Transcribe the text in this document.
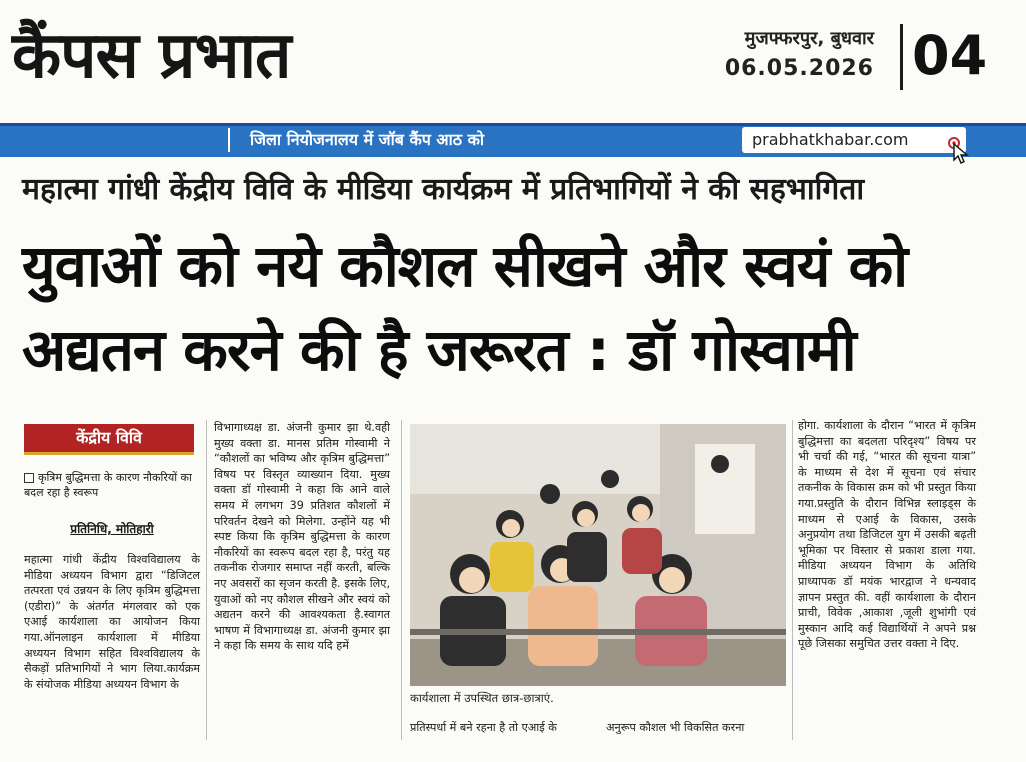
कैंपस प्रभात	मुजफ्फरपुर, बुधवार
06.05.2026 04
जिला नियोजनालय में जॉब कैंप आठ को	prabhatkhabar.com
महात्मा गांधी केंद्रीय विवि के मीडिया कार्यक्रम में प्रतिभागियों ने की सहभागिता
युवाओं को नये कौशल सीखने और स्वयं को अद्यतन करने की है जरूरत : डॉ गोस्वामी
केंद्रीय विवि
कृत्रिम बुद्धिमत्ता के कारण नौकरियों का बदल रहा है स्वरूप
प्रतिनिधि, मोतिहारी
महात्मा गांधी केंद्रीय विश्वविद्यालय के मीडिया अध्ययन विभाग द्वारा “डिजिटल तत्परता एवं उन्नयन के लिए कृत्रिम बुद्धिमत्ता (एडीरा)” के अंतर्गत मंगलवार को एक एआई कार्यशाला का आयोजन किया गया.ऑनलाइन कार्यशाला में मीडिया अध्ययन विभाग सहित विश्वविद्यालय के सैकड़ों प्रतिभागियों ने भाग लिया.कार्यक्रम के संयोजक मीडिया अध्ययन विभाग के
विभागाध्यक्ष डा. अंजनी कुमार झा थे.वही मुख्य वक्ता डा. मानस प्रतिम गोस्वामी ने “कौशलों का भविष्य और कृत्रिम बुद्धिमत्ता” विषय पर विस्तृत व्याख्यान दिया. मुख्य वक्ता डॉ गोस्वामी ने कहा कि आने वाले समय में लगभग 39 प्रतिशत कौशलों में परिवर्तन देखने को मिलेगा. उन्होंने यह भी स्पष्ट किया कि कृत्रिम बुद्धिमत्ता के कारण नौकरियों का स्वरूप बदल रहा है, परंतु यह तकनीक रोजगार समाप्त नहीं करती, बल्कि नए अवसरों का सृजन करती है. इसके लिए, युवाओं को नए कौशल सीखने और स्वयं को अद्यतन करने की आवश्यकता है.स्वागत भाषण में विभागाध्यक्ष डा. अंजनी कुमार झा ने कहा कि समय के साथ यदि हमें
कार्यशाला में उपस्थित छात्र-छात्राएं.
प्रतिस्पर्धा में बने रहना है तो एआई के	अनुरूप कौशल भी विकसित करना
होगा. कार्यशाला के दौरान “भारत में कृत्रिम बुद्धिमत्ता का बदलता परिदृश्य” विषय पर भी चर्चा की गई, “भारत की सूचना यात्रा” के माध्यम से देश में सूचना एवं संचार तकनीक के विकास क्रम को भी प्रस्तुत किया गया.प्रस्तुति के दौरान विभिन्न स्लाइड्स के माध्यम से एआई के विकास, उसके अनुप्रयोग तथा डिजिटल युग में उसकी बढ़ती भूमिका पर विस्तार से प्रकाश डाला गया. मीडिया अध्ययन विभाग के अतिथि प्राध्यापक डॉ मयंक भारद्वाज ने धन्यवाद ज्ञापन प्रस्तुत की. वहीं कार्यशाला के दौरान प्राची, विवेक ,आकाश ,जूली शुभांगी एवं मुस्कान आदि कई विद्यार्थियों ने अपने प्रश्न पूछे जिसका समुचित उत्तर वक्ता ने दिए.
